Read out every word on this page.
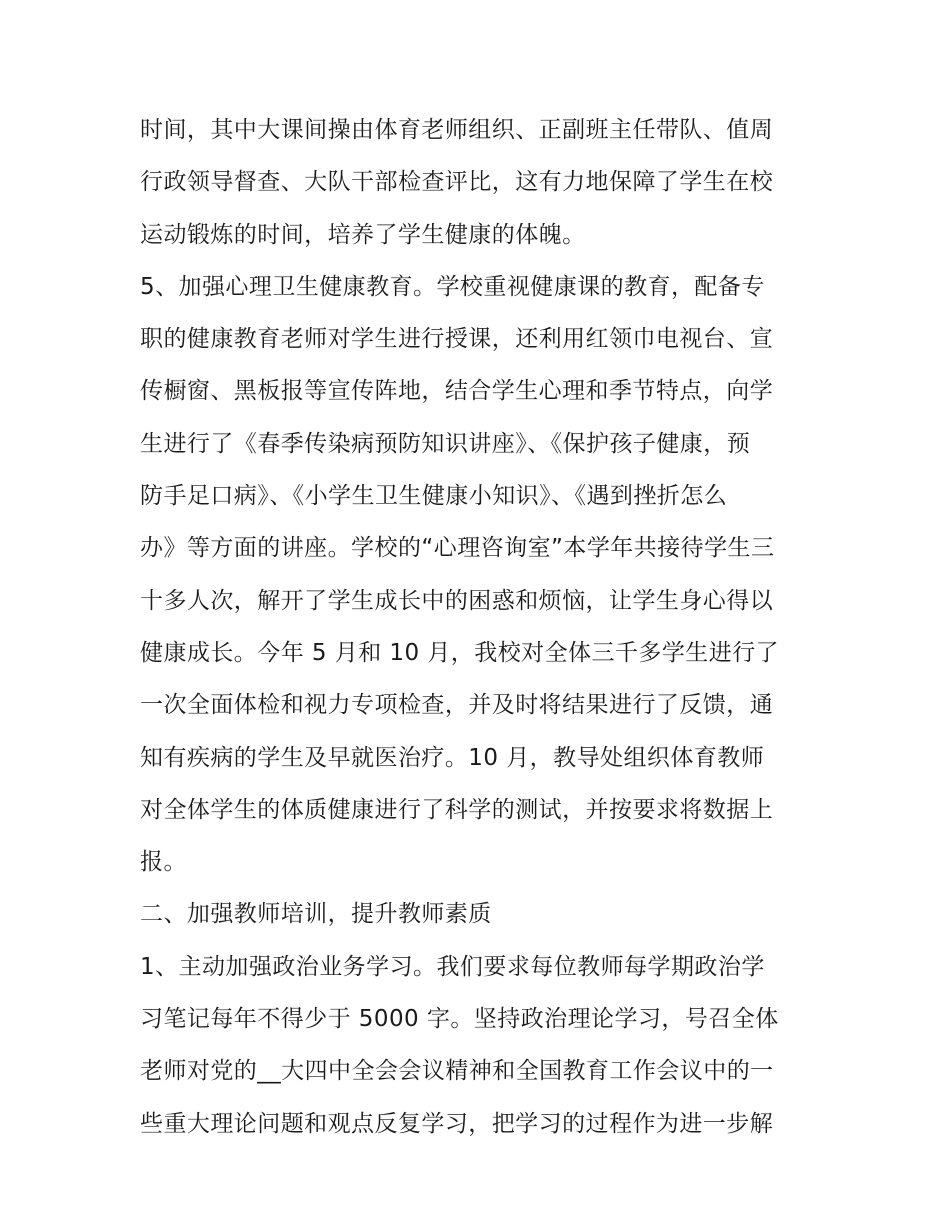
时间，其中大课间操由体育老师组织、正副班主任带队、值周
行政领导督查、大队干部检查评比，这有力地保障了学生在校
运动锻炼的时间，培养了学生健康的体魄。
5、加强心理卫生健康教育。学校重视健康课的教育，配备专
职的健康教育老师对学生进行授课，还利用红领巾电视台、宣
传橱窗、黑板报等宣传阵地，结合学生心理和季节特点，向学
生进行了《春季传染病预防知识讲座》、《保护孩子健康，预
防手足口病》、《小学生卫生健康小知识》、《遇到挫折怎么
办》等方面的讲座。学校的“心理咨询室”本学年共接待学生三
十多人次，解开了学生成长中的困惑和烦恼，让学生身心得以
健康成长。今年 5 月和 10 月，我校对全体三千多学生进行了
一次全面体检和视力专项检查，并及时将结果进行了反馈，通
知有疾病的学生及早就医治疗。10 月，教导处组织体育教师
对全体学生的体质健康进行了科学的测试，并按要求将数据上
报。
二、加强教师培训，提升教师素质
1、主动加强政治业务学习。我们要求每位教师每学期政治学
习笔记每年不得少于 5000 字。坚持政治理论学习，号召全体
老师对党的__大四中全会会议精神和全国教育工作会议中的一
些重大理论问题和观点反复学习，把学习的过程作为进一步解
